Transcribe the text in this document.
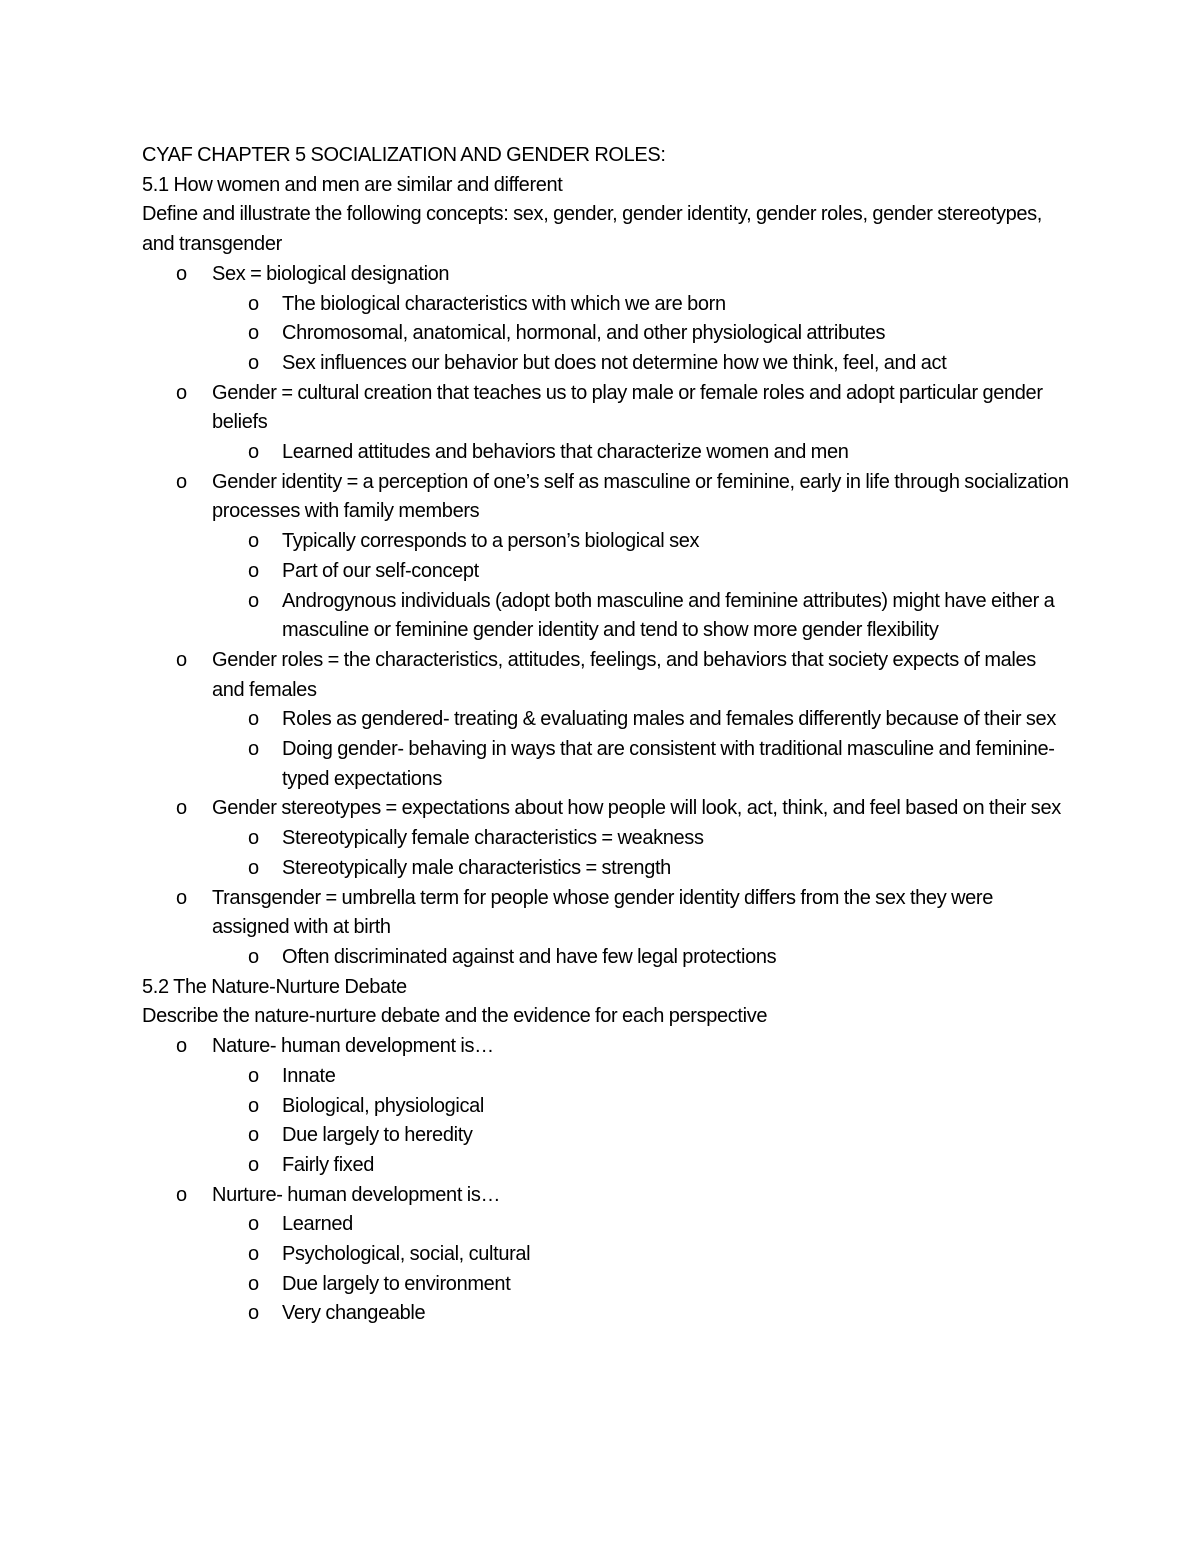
CYAF CHAPTER 5 SOCIALIZATION AND GENDER ROLES:

5.1 How women and men are similar and different

Define and illustrate the following concepts: sex, gender, gender identity, gender roles, gender stereotypes, and transgender

o Sex = biological designation
o The biological characteristics with which we are born
o Chromosomal, anatomical, hormonal, and other physiological attributes
o Sex influences our behavior but does not determine how we think, feel, and act
o Gender = cultural creation that teaches us to play male or female roles and adopt particular gender beliefs
o Learned attitudes and behaviors that characterize women and men
o Gender identity = a perception of one’s self as masculine or feminine, early in life through socialization processes with family members
o Typically corresponds to a person’s biological sex
o Part of our self-concept
o Androgynous individuals (adopt both masculine and feminine attributes) might have either a masculine or feminine gender identity and tend to show more gender flexibility
o Gender roles = the characteristics, attitudes, feelings, and behaviors that society expects of males and females
o Roles as gendered- treating & evaluating males and females differently because of their sex
o Doing gender- behaving in ways that are consistent with traditional masculine and feminine-typed expectations
o Gender stereotypes = expectations about how people will look, act, think, and feel based on their sex
o Stereotypically female characteristics = weakness
o Stereotypically male characteristics = strength
o Transgender = umbrella term for people whose gender identity differs from the sex they were assigned with at birth
o Often discriminated against and have few legal protections

5.2 The Nature-Nurture Debate

Describe the nature-nurture debate and the evidence for each perspective

o Nature- human development is…
o Innate
o Biological, physiological
o Due largely to heredity
o Fairly fixed
o Nurture- human development is…
o Learned
o Psychological, social, cultural
o Due largely to environment
o Very changeable
